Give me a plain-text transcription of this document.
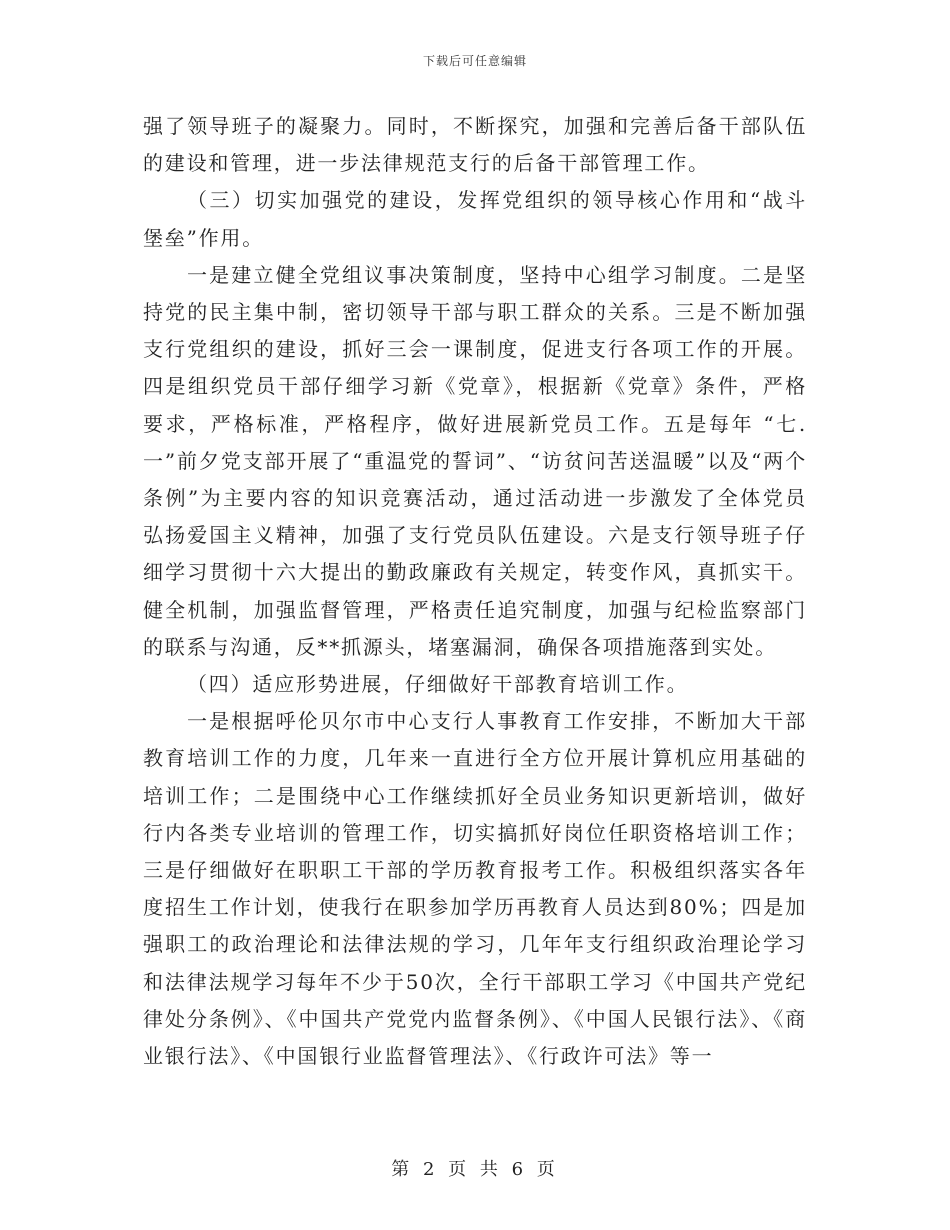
下载后可任意编辑

强了领导班子的凝聚力。同时，不断探究，加强和完善后备干部队伍的建设和管理，进一步法律规范支行的后备干部管理工作。

（三）切实加强党的建设，发挥党组织的领导核心作用和“战斗堡垒”作用。

一是建立健全党组议事决策制度，坚持中心组学习制度。二是坚持党的民主集中制，密切领导干部与职工群众的关系。三是不断加强支行党组织的建设，抓好三会一课制度，促进支行各项工作的开展。四是组织党员干部仔细学习新《党章》，根据新《党章》条件，严格要求，严格标准，严格程序，做好进展新党员工作。五是每年 “七.一”前夕党支部开展了“重温党的誓词”、“访贫问苦送温暖”以及“两个条例”为主要内容的知识竞赛活动，通过活动进一步激发了全体党员弘扬爱国主义精神，加强了支行党员队伍建设。六是支行领导班子仔细学习贯彻十六大提出的勤政廉政有关规定，转变作风，真抓实干。健全机制，加强监督管理，严格责任追究制度，加强与纪检监察部门的联系与沟通，反**抓源头，堵塞漏洞，确保各项措施落到实处。

（四）适应形势进展，仔细做好干部教育培训工作。

一是根据呼伦贝尔市中心支行人事教育工作安排，不断加大干部教育培训工作的力度，几年来一直进行全方位开展计算机应用基础的培训工作；二是围绕中心工作继续抓好全员业务知识更新培训，做好行内各类专业培训的管理工作，切实搞抓好岗位任职资格培训工作；三是仔细做好在职职工干部的学历教育报考工作。积极组织落实各年度招生工作计划，使我行在职参加学历再教育人员达到80%；四是加强职工的政治理论和法律法规的学习，几年年支行组织政治理论学习和法律法规学习每年不少于50次，全行干部职工学习《中国共产党纪律处分条例》、《中国共产党党内监督条例》、《中国人民银行法》、《商业银行法》、《中国银行业监督管理法》、《行政许可法》等一

第 2 页 共 6 页
